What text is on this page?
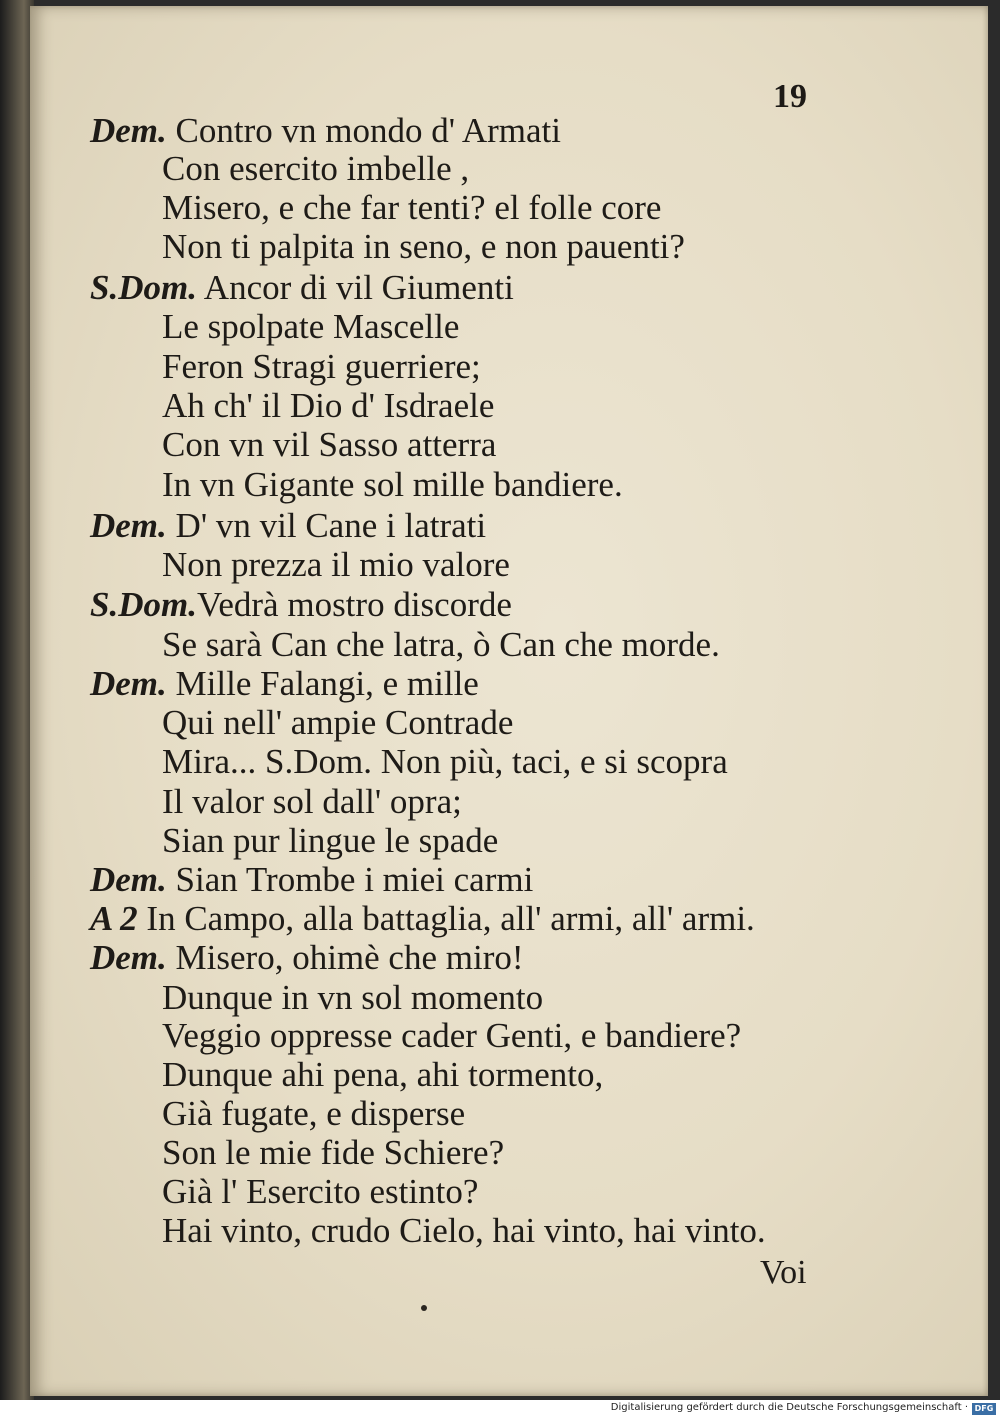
19
Dem. Contro vn mondo d' Armati
Con esercito imbelle ,
Misero, e che far tenti? el folle core
Non ti palpita in seno, e non pauenti?
S.Dom. Ancor di vil Giumenti
Le spolpate Mascelle
Feron Stragi guerriere;
Ah ch' il Dio d' Isdraele
Con vn vil Sasso atterra
In vn Gigante sol mille bandiere.
Dem. D' vn vil Cane i latrati
Non prezza il mio valore
S.Dom.Vedrà mostro discorde
Se sarà Can che latra, ò Can che morde.
Dem. Mille Falangi, e mille
Qui nell' ampie Contrade
Mira... S.Dom. Non più, taci, e si scopra
Il valor sol dall' opra;
Sian pur lingue le spade
Dem. Sian Trombe i miei carmi
A 2 In Campo, alla battaglia, all' armi, all' armi.
Dem. Misero, ohimè che miro!
Dunque in vn sol momento
Veggio oppresse cader Genti, e bandiere?
Dunque ahi pena, ahi tormento,
Già fugate, e disperse
Son le mie fide Schiere?
Già l' Esercito estinto?
Hai vinto, crudo Cielo, hai vinto, hai vinto.
Voi
Digitalisierung gefördert durch die Deutsche Forschungsgemeinschaft · DFG
